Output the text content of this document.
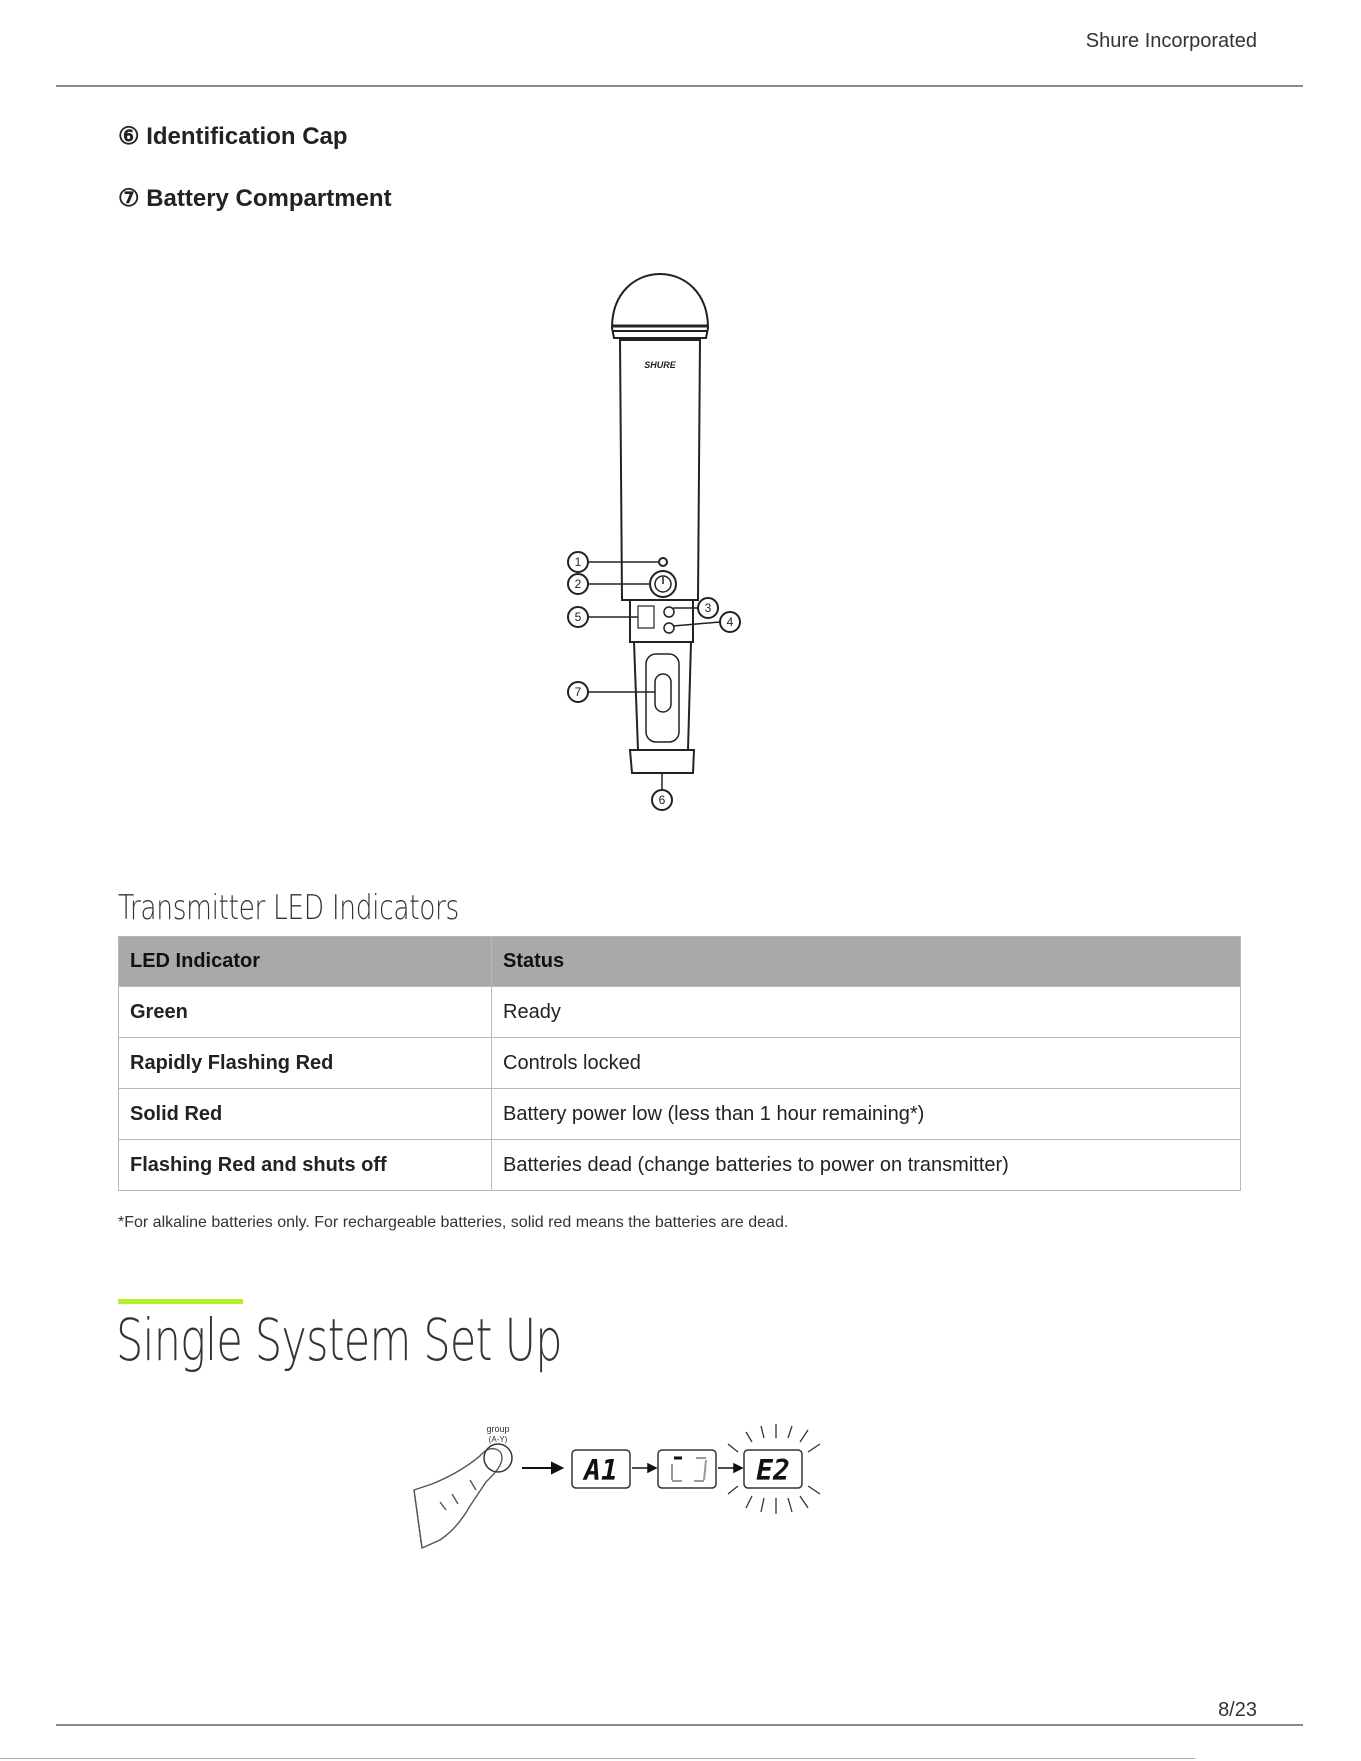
Shure Incorporated
⑥ Identification Cap
⑦ Battery Compartment
SHURE
1
2
3
4
5
6
7
Transmitter LED Indicators
LED Indicator	Status
Green	Ready
Rapidly Flashing Red	Controls locked
Solid Red	Battery power low (less than 1 hour remaining*)
Flashing Red and shuts off	Batteries dead (change batteries to power on transmitter)
*For alkaline batteries only. For rechargeable batteries, solid red means the batteries are dead.
Single System Set Up
group
(A-Y)
A1	E2
8/23
